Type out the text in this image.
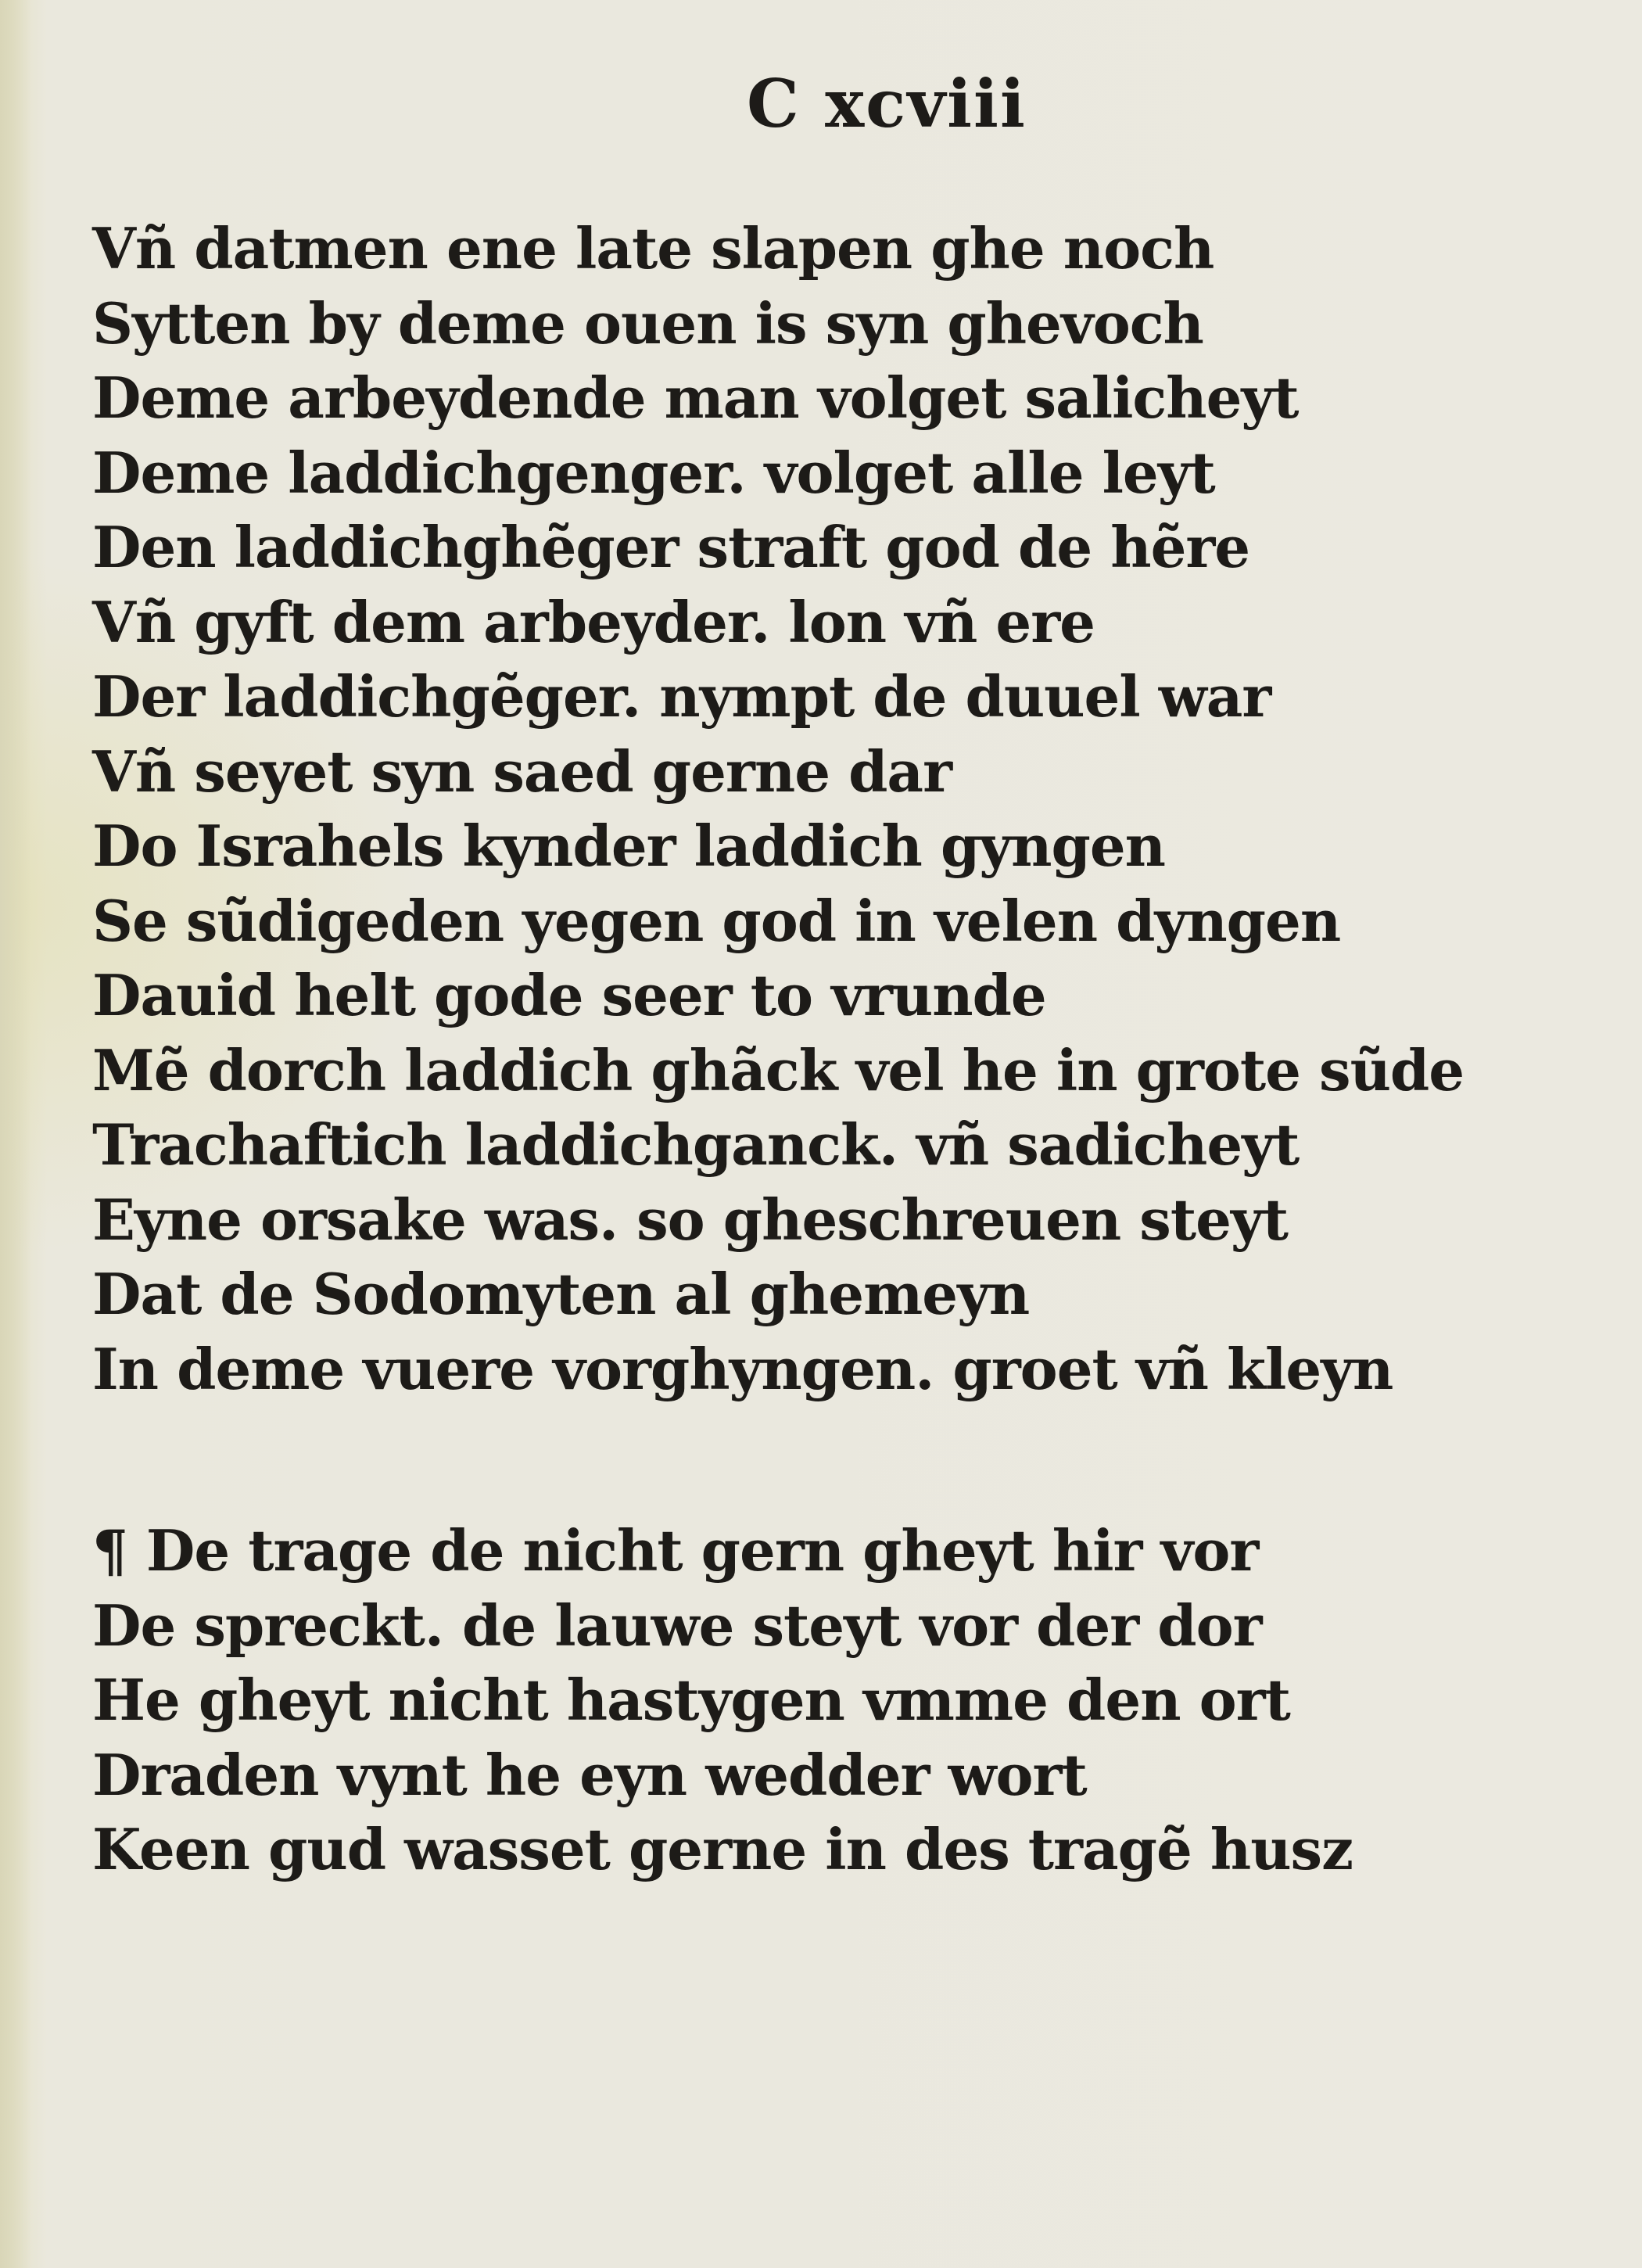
C xcviii
Vñ datmen ene late slapen ghe noch
Sytten by deme ouen is syn ghevoch
Deme arbeydende man volget salicheyt
Deme laddichgenger. volget alle leyt
Den laddichghẽger straft god de hẽre
Vñ gyft dem arbeyder. lon vñ ere
Der laddichgẽger. nympt de duuel war
Vñ seyet syn saed gerne dar
Do Israhels kynder laddich gyngen
Se sũdigeden yegen god in velen dyngen
Dauid helt gode seer to vrunde
Mẽ dorch laddich ghãck vel he in grote sũde
Trachaftich laddichganck. vñ sadicheyt
Eyne orsake was. so gheschreuen steyt
Dat de Sodomyten al ghemeyn
In deme vuere vorghyngen. groet vñ kleyn
¶ De trage de nicht gern gheyt hir vor
De spreckt. de lauwe steyt vor der dor
He gheyt nicht hastygen vmme den ort
Draden vynt he eyn wedder wort
Keen gud wasset gerne in des tragẽ husz
